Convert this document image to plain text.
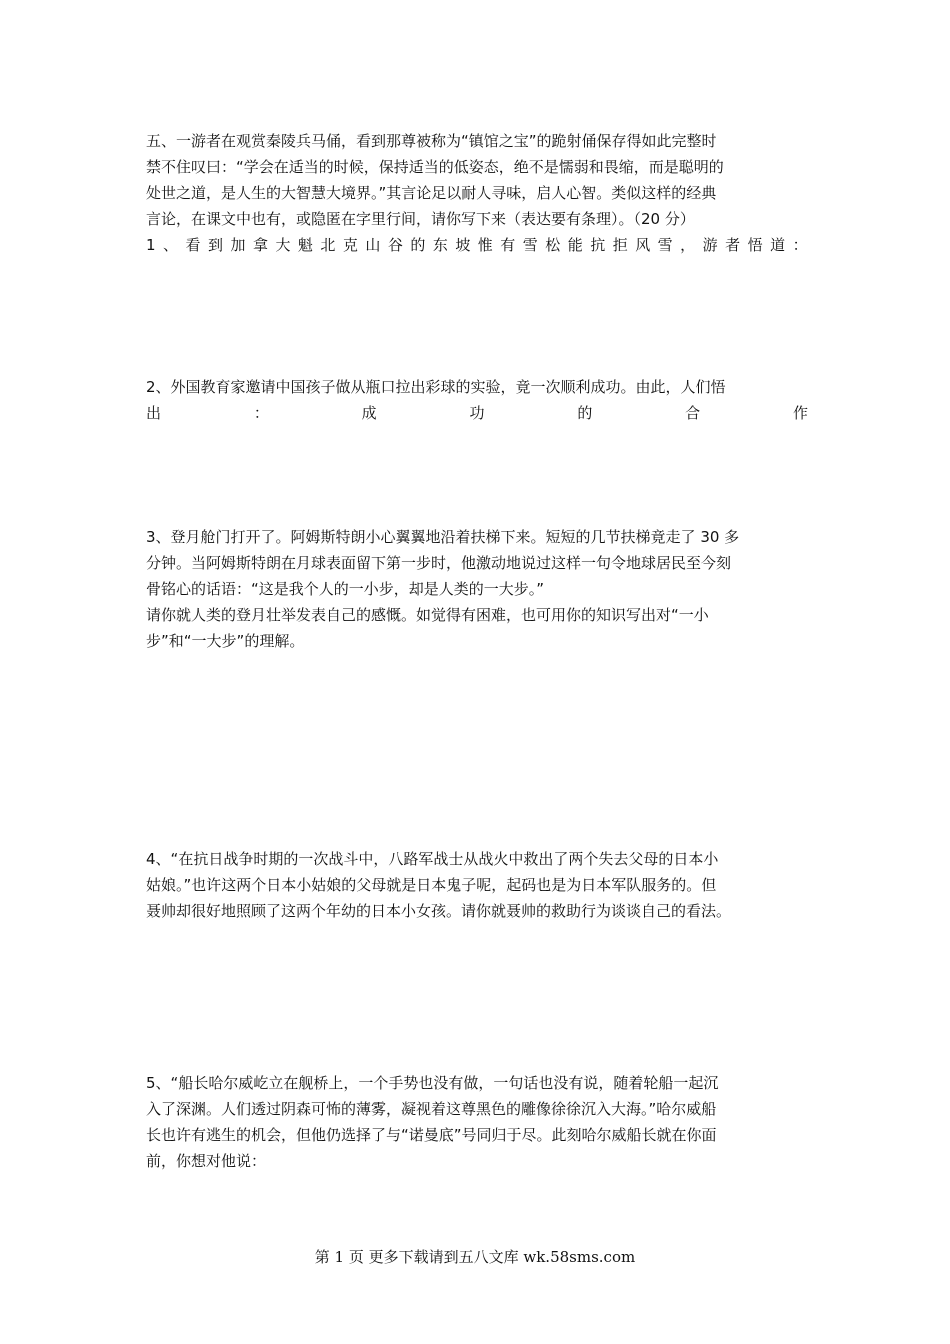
五、一游者在观赏秦陵兵马俑，看到那尊被称为“镇馆之宝”的跪射俑保存得如此完整时
禁不住叹曰：“学会在适当的时候，保持适当的低姿态，绝不是懦弱和畏缩，而是聪明的
处世之道，是人生的大智慧大境界。”其言论足以耐人寻味，启人心智。类似这样的经典
言论，在课文中也有，或隐匿在字里行间，请你写下来（表达要有条理）。（20 分）
1 、 看 到 加 拿 大 魁 北 克 山 谷 的 东 坡 惟 有 雪 松 能 抗 拒 风 雪 ， 游 者 悟 道 ：
2、外国教育家邀请中国孩子做从瓶口拉出彩球的实验，竟一次顺利成功。由此，人们悟
出	：	成	功	的	合	作
3、登月舱门打开了。阿姆斯特朗小心翼翼地沿着扶梯下来。短短的几节扶梯竟走了 30 多
分钟。当阿姆斯特朗在月球表面留下第一步时，他激动地说过这样一句令地球居民至今刻
骨铭心的话语：“这是我个人的一小步，却是人类的一大步。”
请你就人类的登月壮举发表自己的感慨。如觉得有困难，也可用你的知识写出对“一小
步”和“一大步”的理解。
4、“在抗日战争时期的一次战斗中，八路军战士从战火中救出了两个失去父母的日本小
姑娘。”也许这两个日本小姑娘的父母就是日本鬼子呢，起码也是为日本军队服务的。但
聂帅却很好地照顾了这两个年幼的日本小女孩。请你就聂帅的救助行为谈谈自己的看法。
5、“船长哈尔威屹立在舰桥上，一个手势也没有做，一句话也没有说，随着轮船一起沉
入了深渊。人们透过阴森可怖的薄雾，凝视着这尊黑色的雕像徐徐沉入大海。”哈尔威船
长也许有逃生的机会，但他仍选择了与“诺曼底”号同归于尽。此刻哈尔威船长就在你面
前，你想对他说：
第 1 页 更多下载请到五八文库 wk.58sms.com
